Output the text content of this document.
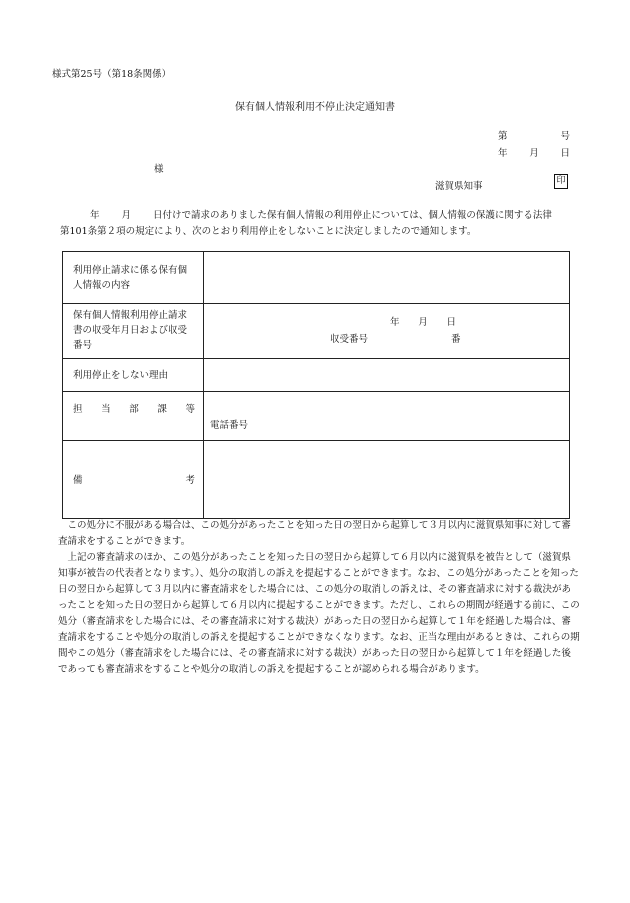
様式第25号（第18条関係）
保有個人情報利用不停止決定通知書
第	号
年 月 日
様
滋賀県知事	印
年 月 日付けで請求のありました保有個人情報の利用停止については、個人情報の保護に関する法律
第101条第２項の規定により、次のとおり利用停止をしないことに決定しましたので通知します。
利用停止請求に係る保有個人情報の内容	
保有個人情報利用停止請求書の収受年月日および収受番号	年 月 日
収受番号 番

利用停止をしない理由	

担 当 部 課 等	電話番号

備 考	

この処分に不服がある場合は、この処分があったことを知った日の翌日から起算して３月以内に滋賀県知事に対して審査請求をすることができます。

上記の審査請求のほか、この処分があったことを知った日の翌日から起算して６月以内に滋賀県を被告として（滋賀県知事が被告の代表者となります。）、処分の取消しの訴えを提起することができます。なお、この処分があったことを知った日の翌日から起算して３月以内に審査請求をした場合には、この処分の取消しの訴えは、その審査請求に対する裁決があったことを知った日の翌日から起算して６月以内に提起することができます。ただし、これらの期間が経過する前に、この処分（審査請求をした場合には、その審査請求に対する裁決）があった日の翌日から起算して１年を経過した場合は、審査請求をすることや処分の取消しの訴えを提起することができなくなります。なお、正当な理由があるときは、これらの期間やこの処分（審査請求をした場合には、その審査請求に対する裁決）があった日の翌日から起算して１年を経過した後であっても審査請求をすることや処分の取消しの訴えを提起することが認められる場合があります。
